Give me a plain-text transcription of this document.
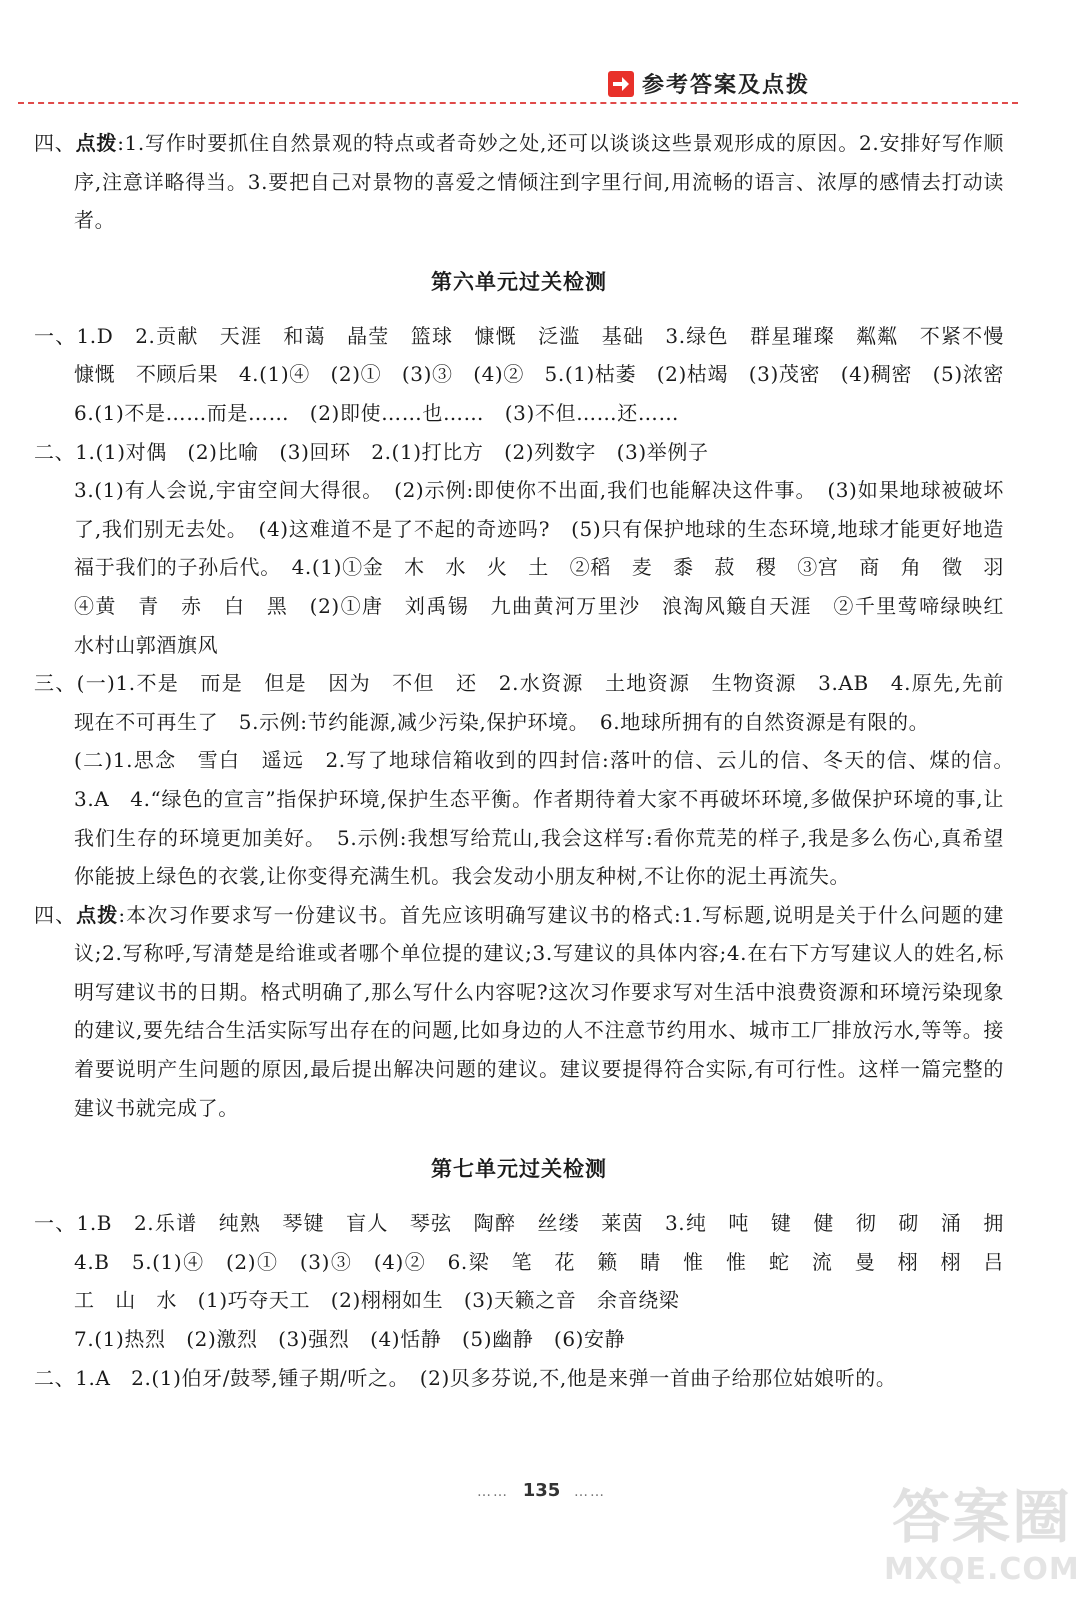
参考答案及点拨

四、点拨:1.写作时要抓住自然景观的特点或者奇妙之处,还可以谈谈这些景观形成的原因。2.安排好写作顺序,注意详略得当。3.要把自己对景物的喜爱之情倾注到字里行间,用流畅的语言、浓厚的感情去打动读者。

第六单元过关检测

一、1.D　2.贡献　天涯　和蔼　晶莹　篮球　慷慨　泛滥　基础　3.绿色　群星璀璨　粼粼　不紧不慢　慷慨　不顾后果　4.(1)④　(2)①　(3)③　(4)②　5.(1)枯萎　(2)枯竭　(3)茂密　(4)稠密　(5)浓密　6.(1)不是……而是……　(2)即使……也……　(3)不但……还……

二、1.(1)对偶　(2)比喻　(3)回环　2.(1)打比方　(2)列数字　(3)举例子

3.(1)有人会说,宇宙空间大得很。　(2)示例:即使你不出面,我们也能解决这件事。　(3)如果地球被破坏了,我们别无去处。　(4)这难道不是了不起的奇迹吗?　(5)只有保护地球的生态环境,地球才能更好地造福于我们的子孙后代。　4.(1)①金　木　水　火　土　②稻　麦　黍　菽　稷　③宫　商　角　徵　羽　④黄　青　赤　白　黑　(2)①唐　刘禹锡　九曲黄河万里沙　浪淘风簸自天涯　②千里莺啼绿映红　水村山郭酒旗风

三、(一)1.不是　而是　但是　因为　不但　还　2.水资源　土地资源　生物资源　3.AB　4.原先,先前　现在不可再生了　5.示例:节约能源,减少污染,保护环境。　6.地球所拥有的自然资源是有限的。

(二)1.思念　雪白　遥远　2.写了地球信箱收到的四封信:落叶的信、云儿的信、冬天的信、煤的信。　3.A　4.“绿色的宣言”指保护环境,保护生态平衡。作者期待着大家不再破坏环境,多做保护环境的事,让我们生存的环境更加美好。　5.示例:我想写给荒山,我会这样写:看你荒芜的样子,我是多么伤心,真希望你能披上绿色的衣裳,让你变得充满生机。我会发动小朋友种树,不让你的泥土再流失。

四、点拨:本次习作要求写一份建议书。首先应该明确写建议书的格式:1.写标题,说明是关于什么问题的建议;2.写称呼,写清楚是给谁或者哪个单位提的建议;3.写建议的具体内容;4.在右下方写建议人的姓名,标明写建议书的日期。格式明确了,那么写什么内容呢?这次习作要求写对生活中浪费资源和环境污染现象的建议,要先结合生活实际写出存在的问题,比如身边的人不注意节约用水、城市工厂排放污水,等等。接着要说明产生问题的原因,最后提出解决问题的建议。建议要提得符合实际,有可行性。这样一篇完整的建议书就完成了。

第七单元过关检测

一、1.B　2.乐谱　纯熟　琴键　盲人　琴弦　陶醉　丝缕　莱茵　3.纯　吨　键　健　彻　砌　涌　拥　4.B　5.(1)④　(2)①　(3)③　(4)②　6.梁　笔　花　籁　睛　惟　惟　蛇　流　曼　栩　栩　吕　工　山　水　(1)巧夺天工　(2)栩栩如生　(3)天籁之音　余音绕梁

7.(1)热烈　(2)激烈　(3)强烈　(4)恬静　(5)幽静　(6)安静

二、1.A　2.(1)伯牙/鼓琴,锺子期/听之。　(2)贝多芬说,不,他是来弹一首曲子给那位姑娘听的。

…… 135 ……	答案圈
MXQE.COM
